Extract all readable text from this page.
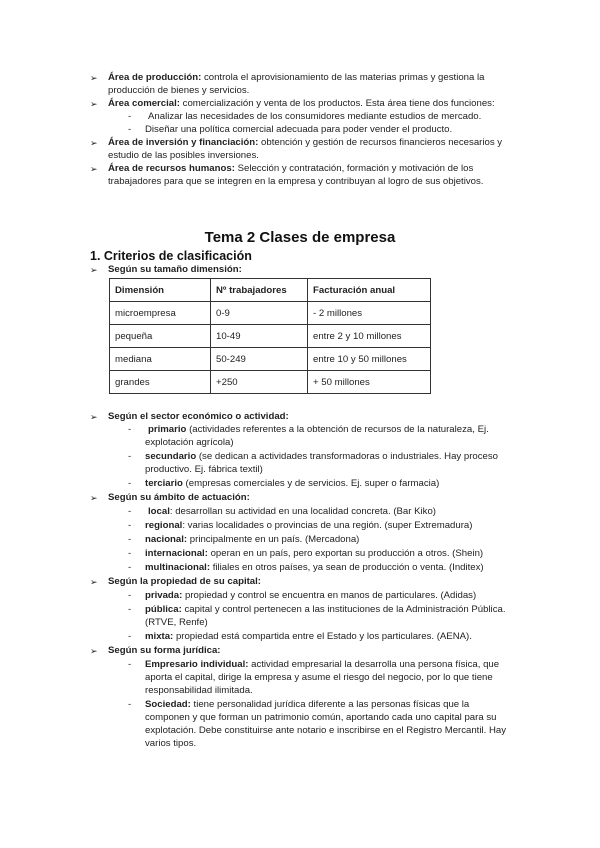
➢ Área de producción: controla el aprovisionamiento de las materias primas y gestiona la
producción de bienes y servicios.
➢ Área comercial: comercialización y venta de los productos. Esta área tiene dos funciones:
- Analizar las necesidades de los consumidores mediante estudios de mercado.
- Diseñar una política comercial adecuada para poder vender el producto.
➢ Área de inversión y financiación: obtención y gestión de recursos financieros necesarios y
estudio de las posibles inversiones.
➢ Área de recursos humanos: Selección y contratación, formación y motivación de los
trabajadores para que se integren en la empresa y contribuyan al logro de sus objetivos.
Tema 2 Clases de empresa
1. Criterios de clasificación
➢ Según su tamaño dimensión:
Dimensión	Nº trabajadores	Facturación anual
microempresa	0-9	- 2 millones
pequeña	10-49	entre 2 y 10 millones
mediana	50-249	entre 10 y 50 millones
grandes	+250	+ 50 millones
➢ Según el sector económico o actividad:
- primario (actividades referentes a la obtención de recursos de la naturaleza, Ej.
explotación agrícola)
- secundario (se dedican a actividades transformadoras o industriales. Hay proceso
productivo. Ej. fábrica textil)
- terciario (empresas comerciales y de servicios. Ej. super o farmacia)
➢ Según su ámbito de actuación:
- local: desarrollan su actividad en una localidad concreta. (Bar Kiko)
- regional: varias localidades o provincias de una región. (super Extremadura)
- nacional: principalmente en un país. (Mercadona)
- internacional: operan en un país, pero exportan su producción a otros. (Shein)
- multinacional: filiales en otros países, ya sean de producción o venta. (Inditex)
➢ Según la propiedad de su capital:
- privada: propiedad y control se encuentra en manos de particulares. (Adidas)
- pública: capital y control pertenecen a las instituciones de la Administración Pública.
(RTVE, Renfe)
- mixta: propiedad está compartida entre el Estado y los particulares. (AENA).
➢ Según su forma jurídica:
- Empresario individual: actividad empresarial la desarrolla una persona física, que
aporta el capital, dirige la empresa y asume el riesgo del negocio, por lo que tiene
responsabilidad ilimitada.
- Sociedad: tiene personalidad jurídica diferente a las personas físicas que la
componen y que forman un patrimonio común, aportando cada uno capital para su
explotación. Debe constituirse ante notario e inscribirse en el Registro Mercantil. Hay
varios tipos.
